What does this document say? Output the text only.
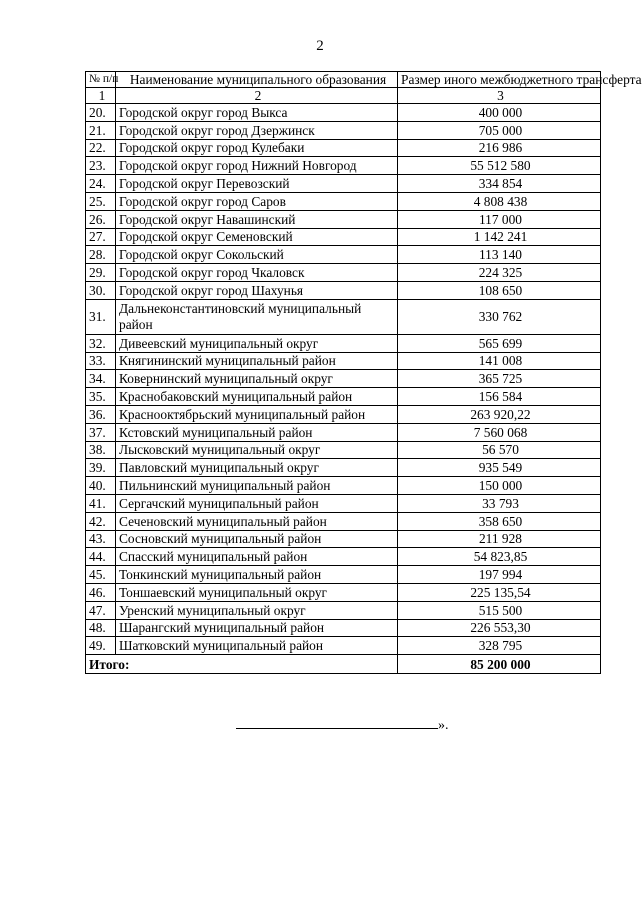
2
№ п/п	Наименование муниципального образования	Размер иного межбюджетного трансферта
1	2	3
20.	Городской округ город Выкса	400 000
21.	Городской округ город Дзержинск	705 000
22.	Городской округ город Кулебаки	216 986
23.	Городской округ город Нижний Новгород	55 512 580
24.	Городской округ Перевозский	334 854
25.	Городской округ город Саров	4 808 438
26.	Городской округ Навашинский	117 000
27.	Городской округ Семеновский	1 142 241
28.	Городской округ Сокольский	113 140
29.	Городской округ город Чкаловск	224 325
30.	Городской округ город Шахунья	108 650
31.	Дальнеконстантиновский муниципальный район	330 762
32.	Дивеевский муниципальный округ	565 699
33.	Княгининский муниципальный район	141 008
34.	Ковернинский муниципальный округ	365 725
35.	Краснобаковский муниципальный район	156 584
36.	Краснооктябрьский муниципальный район	263 920,22
37.	Кстовский муниципальный район	7 560 068
38.	Лысковский муниципальный округ	56 570
39.	Павловский муниципальный округ	935 549
40.	Пильнинский муниципальный район	150 000
41.	Сергачский муниципальный район	33 793
42.	Сеченовский муниципальный район	358 650
43.	Сосновский муниципальный район	211 928
44.	Спасский муниципальный район	54 823,85
45.	Тонкинский муниципальный район	197 994
46.	Тоншаевский муниципальный округ	225 135,54
47.	Уренский муниципальный округ	515 500
48.	Шарангский муниципальный район	226 553,30
49.	Шатковский муниципальный район	328 795
Итого:		85 200 000
».
